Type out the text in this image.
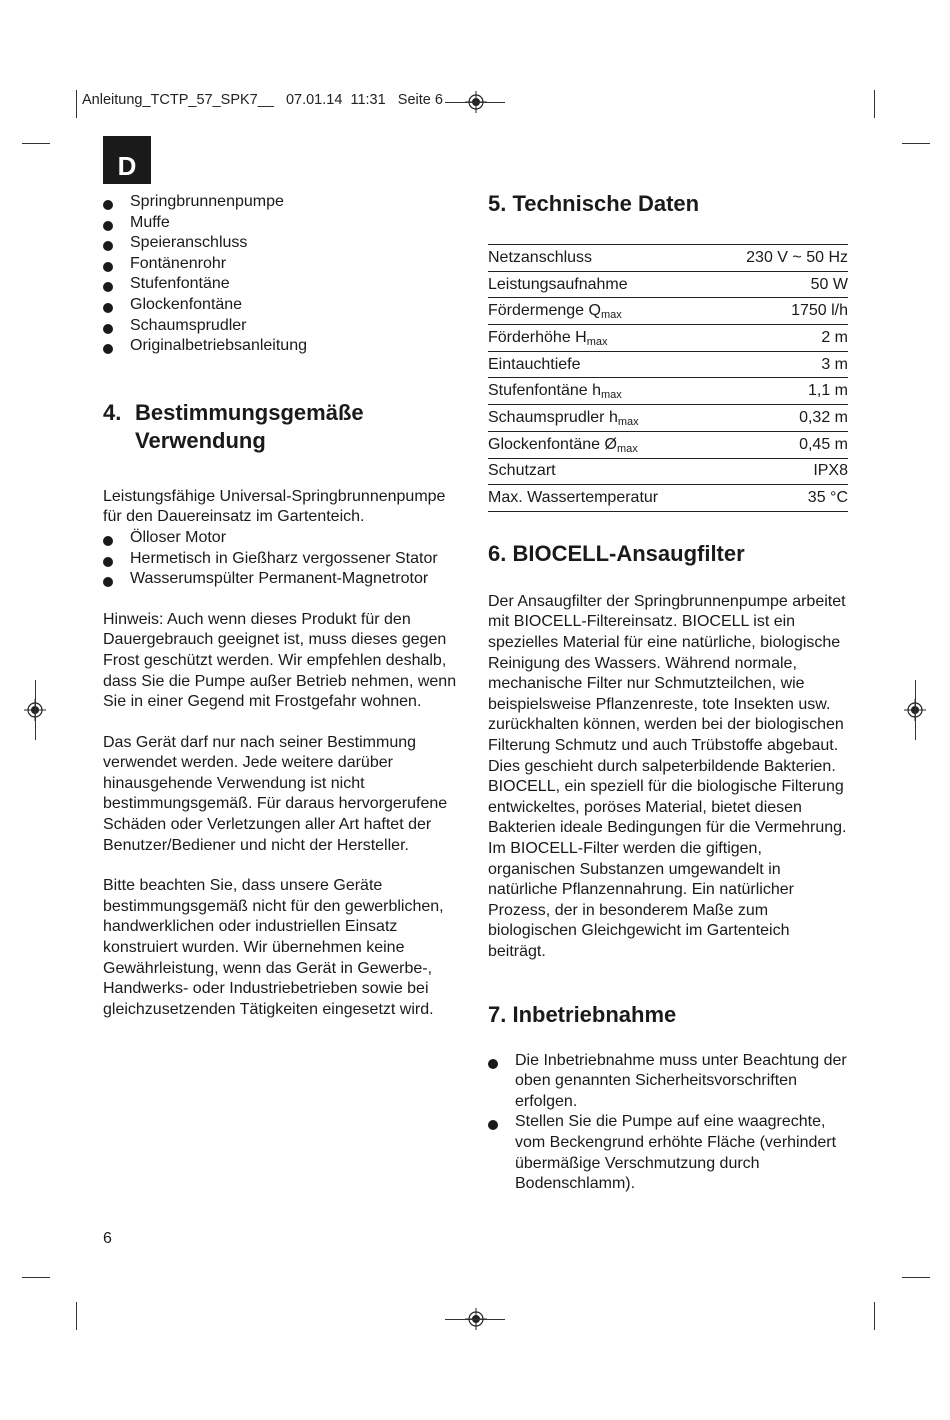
Anleitung_TCTP_57_SPK7__ 07.01.14 11:31 Seite 6
D
Springbrunnenpumpe
Muffe
Speieranschluss
Fontänenrohr
Stufenfontäne
Glockenfontäne
Schaumsprudler
Originalbetriebsanleitung
4. Bestimmungsgemäße Verwendung

Leistungsfähige Universal-Springbrunnenpumpe für den Dauereinsatz im Gartenteich.

Ölloser Motor
Hermetisch in Gießharz vergossener Stator
Wasserumspülter Permanent-Magnetrotor

Hinweis: Auch wenn dieses Produkt für den Dauergebrauch geeignet ist, muss dieses gegen Frost geschützt werden. Wir empfehlen deshalb, dass Sie die Pumpe außer Betrieb nehmen, wenn Sie in einer Gegend mit Frostgefahr wohnen.

Das Gerät darf nur nach seiner Bestimmung verwendet werden. Jede weitere darüber hinausgehende Verwendung ist nicht bestimmungsgemäß. Für daraus hervorgerufene Schäden oder Verletzungen aller Art haftet der Benutzer/Bediener und nicht der Hersteller.

Bitte beachten Sie, dass unsere Geräte bestimmungsgemäß nicht für den gewerblichen, handwerklichen oder industriellen Einsatz konstruiert wurden. Wir übernehmen keine Gewährleistung, wenn das Gerät in Gewerbe-, Handwerks- oder Industriebetrieben sowie bei gleichzusetzenden Tätigkeiten eingesetzt wird.

5. Technische Daten
Netzanschluss	230 V ~ 50 Hz
Leistungsaufnahme	50 W
Fördermenge $Q_{max}$	1750 l/h
Förderhöhe $H_{max}$	2 m
Eintauchtiefe	3 m
Stufenfontäne $h_{max}$	1,1 m
Schaumsprudler $h_{max}$	0,32 m
Glockenfontäne $Ø_{max}$	0,45 m
Schutzart	IPX8
Max. Wassertemperatur	35 °C
6. BIOCELL-Ansaugfilter

Der Ansaugfilter der Springbrunnenpumpe arbeitet mit BIOCELL-Filtereinsatz. BIOCELL ist ein spezielles Material für eine natürliche, biologische Reinigung des Wassers. Während normale, mechanische Filter nur Schmutzteilchen, wie beispielsweise Pflanzenreste, tote Insekten usw. zurückhalten können, werden bei der biologischen Filterung Schmutz und auch Trübstoffe abgebaut. Dies geschieht durch salpeterbildende Bakterien. BIOCELL, ein speziell für die biologische Filterung entwickeltes, poröses Material, bietet diesen Bakterien ideale Bedingungen für die Vermehrung. Im BIOCELL-Filter werden die giftigen, organischen Substanzen umgewandelt in natürliche Pflanzennahrung. Ein natürlicher Prozess, der in besonderem Maße zum biologischen Gleichgewicht im Gartenteich beiträgt.

7. Inbetriebnahme
Die Inbetriebnahme muss unter Beachtung der oben genannten Sicherheitsvorschriften erfolgen.
Stellen Sie die Pumpe auf eine waagrechte, vom Beckengrund erhöhte Fläche (verhindert übermäßige Verschmutzung durch Bodenschlamm).
6
